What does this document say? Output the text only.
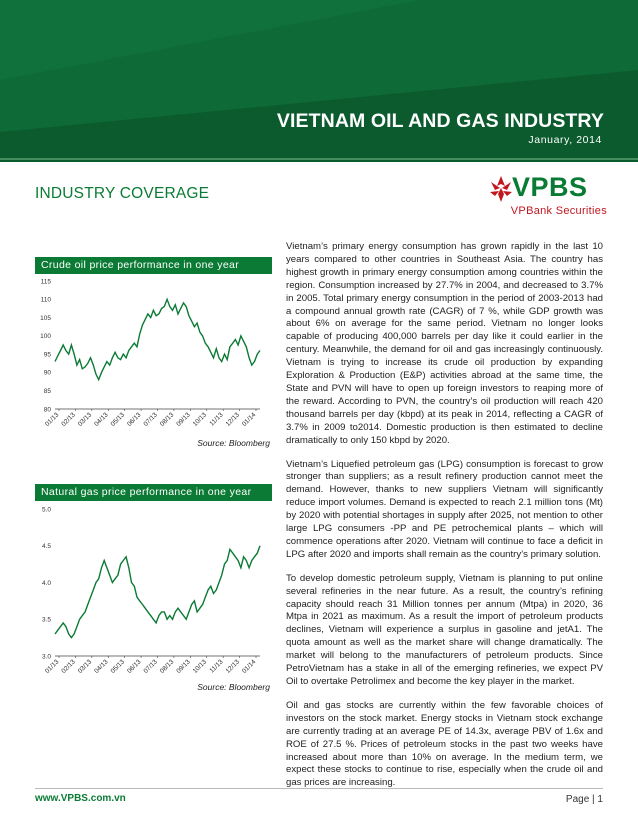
VIETNAM OIL AND GAS INDUSTRY
January, 2014
INDUSTRY COVERAGE	VPBS
VPBank Securities
Crude oil price performance in one year
115
110
105
100
95
90
85
80
01/13 02/13 03/13 04/13 05/13 06/13 07/13 08/13 09/13 10/13 11/13 12/13 01/14
Source: Bloomberg
Natural gas price performance in one year
5.0
4.5
4.0
3.5
3.0
01/13 02/13 03/13 04/13 05/13 06/13 07/13 08/13 09/13 10/13 11/13 12/13 01/14
Source: Bloomberg

Vietnam’s primary energy consumption has grown rapidly in the last 10 years compared to other countries in Southeast Asia. The country has highest growth in primary energy consumption among countries within the region. Consumption increased by 27.7% in 2004, and decreased to 3.7% in 2005. Total primary energy consumption in the period of 2003-2013 had a compound annual growth rate (CAGR) of 7 %, while GDP growth was about 6% on average for the same period. Vietnam no longer looks capable of producing 400,000 barrels per day like it could earlier in the century. Meanwhile, the demand for oil and gas increasingly continuously. Vietnam is trying to increase its crude oil production by expanding Exploration & Production (E&P) activities abroad at the same time, the State and PVN will have to open up foreign investors to reaping more of the reward. According to PVN, the country’s oil production will reach 420 thousand barrels per day (kbpd) at its peak in 2014, reflecting a CAGR of 3.7% in 2009 to2014. Domestic production is then estimated to decline dramatically to only 150 kbpd by 2020.

Vietnam’s Liquefied petroleum gas (LPG) consumption is forecast to grow stronger than suppliers; as a result refinery production cannot meet the demand. However, thanks to new suppliers Vietnam will significantly reduce import volumes. Demand is expected to reach 2.1 million tons (Mt) by 2020 with potential shortages in supply after 2025, not mention to other large LPG consumers -PP and PE petrochemical plants – which will commence operations after 2020. Vietnam will continue to face a deficit in LPG after 2020 and imports shall remain as the country’s primary solution.

To develop domestic petroleum supply, Vietnam is planning to put online several refineries in the near future. As a result, the country’s refining capacity should reach 31 Million tonnes per annum (Mtpa) in 2020, 36 Mtpa in 2021 as maximum. As a result the import of petroleum products declines, Vietnam will experience a surplus in gasoline and jetA1. The quota amount as well as the market share will change dramatically. The market will belong to the manufacturers of petroleum products. Since PetroVietnam has a stake in all of the emerging refineries, we expect PV Oil to overtake Petrolimex and become the key player in the market.

Oil and gas stocks are currently within the few favorable choices of investors on the stock market. Energy stocks in Vietnam stock exchange are currently trading at an average PE of 14.3x, average PBV of 1.6x and ROE of 27.5 %. Prices of petroleum stocks in the past two weeks have increased about more than 10% on average. In the medium term, we expect these stocks to continue to rise, especially when the crude oil and gas prices are increasing.

www.VPBS.com.vn	Page | 1
